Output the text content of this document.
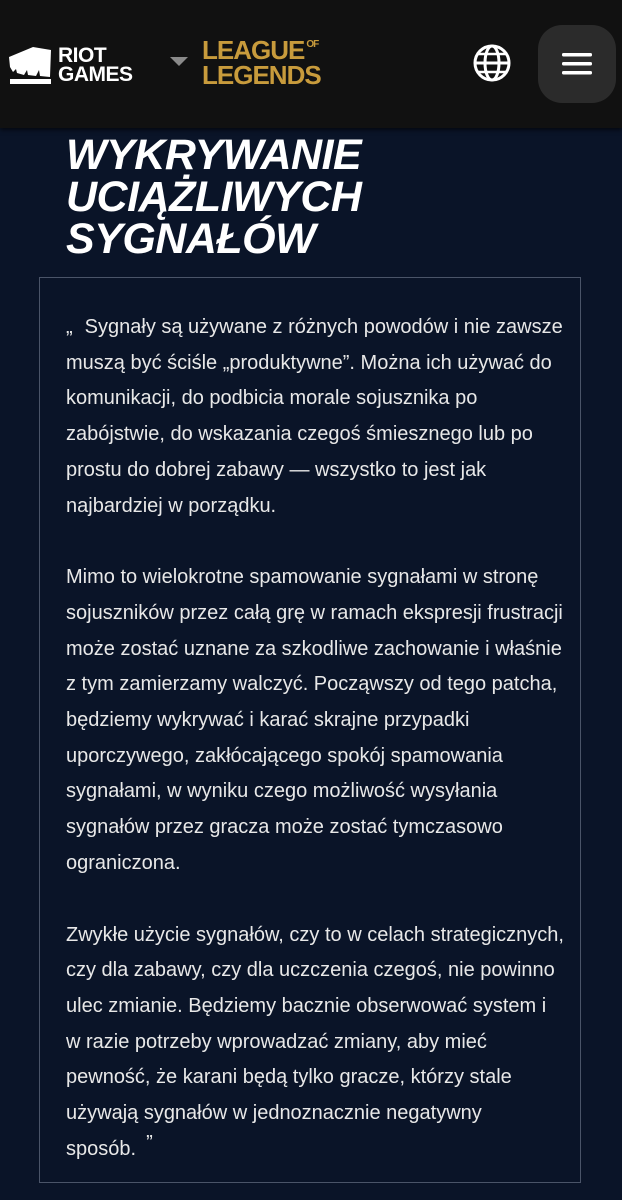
RIOT
GAMES
LEAGUE OF
LEGENDS
WYKRYWANIE
UCIĄŻLIWYCH
SYGNAŁÓW

„ Sygnały są używane z różnych powodów i nie zawsze muszą być ściśle „produktywne”. Można ich używać do komunikacji, do podbicia morale sojusznika po zabójstwie, do wskazania czegoś śmiesznego lub po prostu do dobrej zabawy — wszystko to jest jak najbardziej w porządku.

Mimo to wielokrotne spamowanie sygnałami w stronę sojuszników przez całą grę w ramach ekspresji frustracji może zostać uznane za szkodliwe zachowanie i właśnie z tym zamierzamy walczyć. Począwszy od tego patcha, będziemy wykrywać i karać skrajne przypadki uporczywego, zakłócającego spokój spamowania sygnałami, w wyniku czego możliwość wysyłania sygnałów przez gracza może zostać tymczasowo ograniczona.

Zwykłe użycie sygnałów, czy to w celach strategicznych, czy dla zabawy, czy dla uczczenia czegoś, nie powinno ulec zmianie. Będziemy bacznie obserwować system i w razie potrzeby wprowadzać zmiany, aby mieć pewność, że karani będą tylko gracze, którzy stale używają sygnałów w jednoznacznie negatywny sposób. ”
